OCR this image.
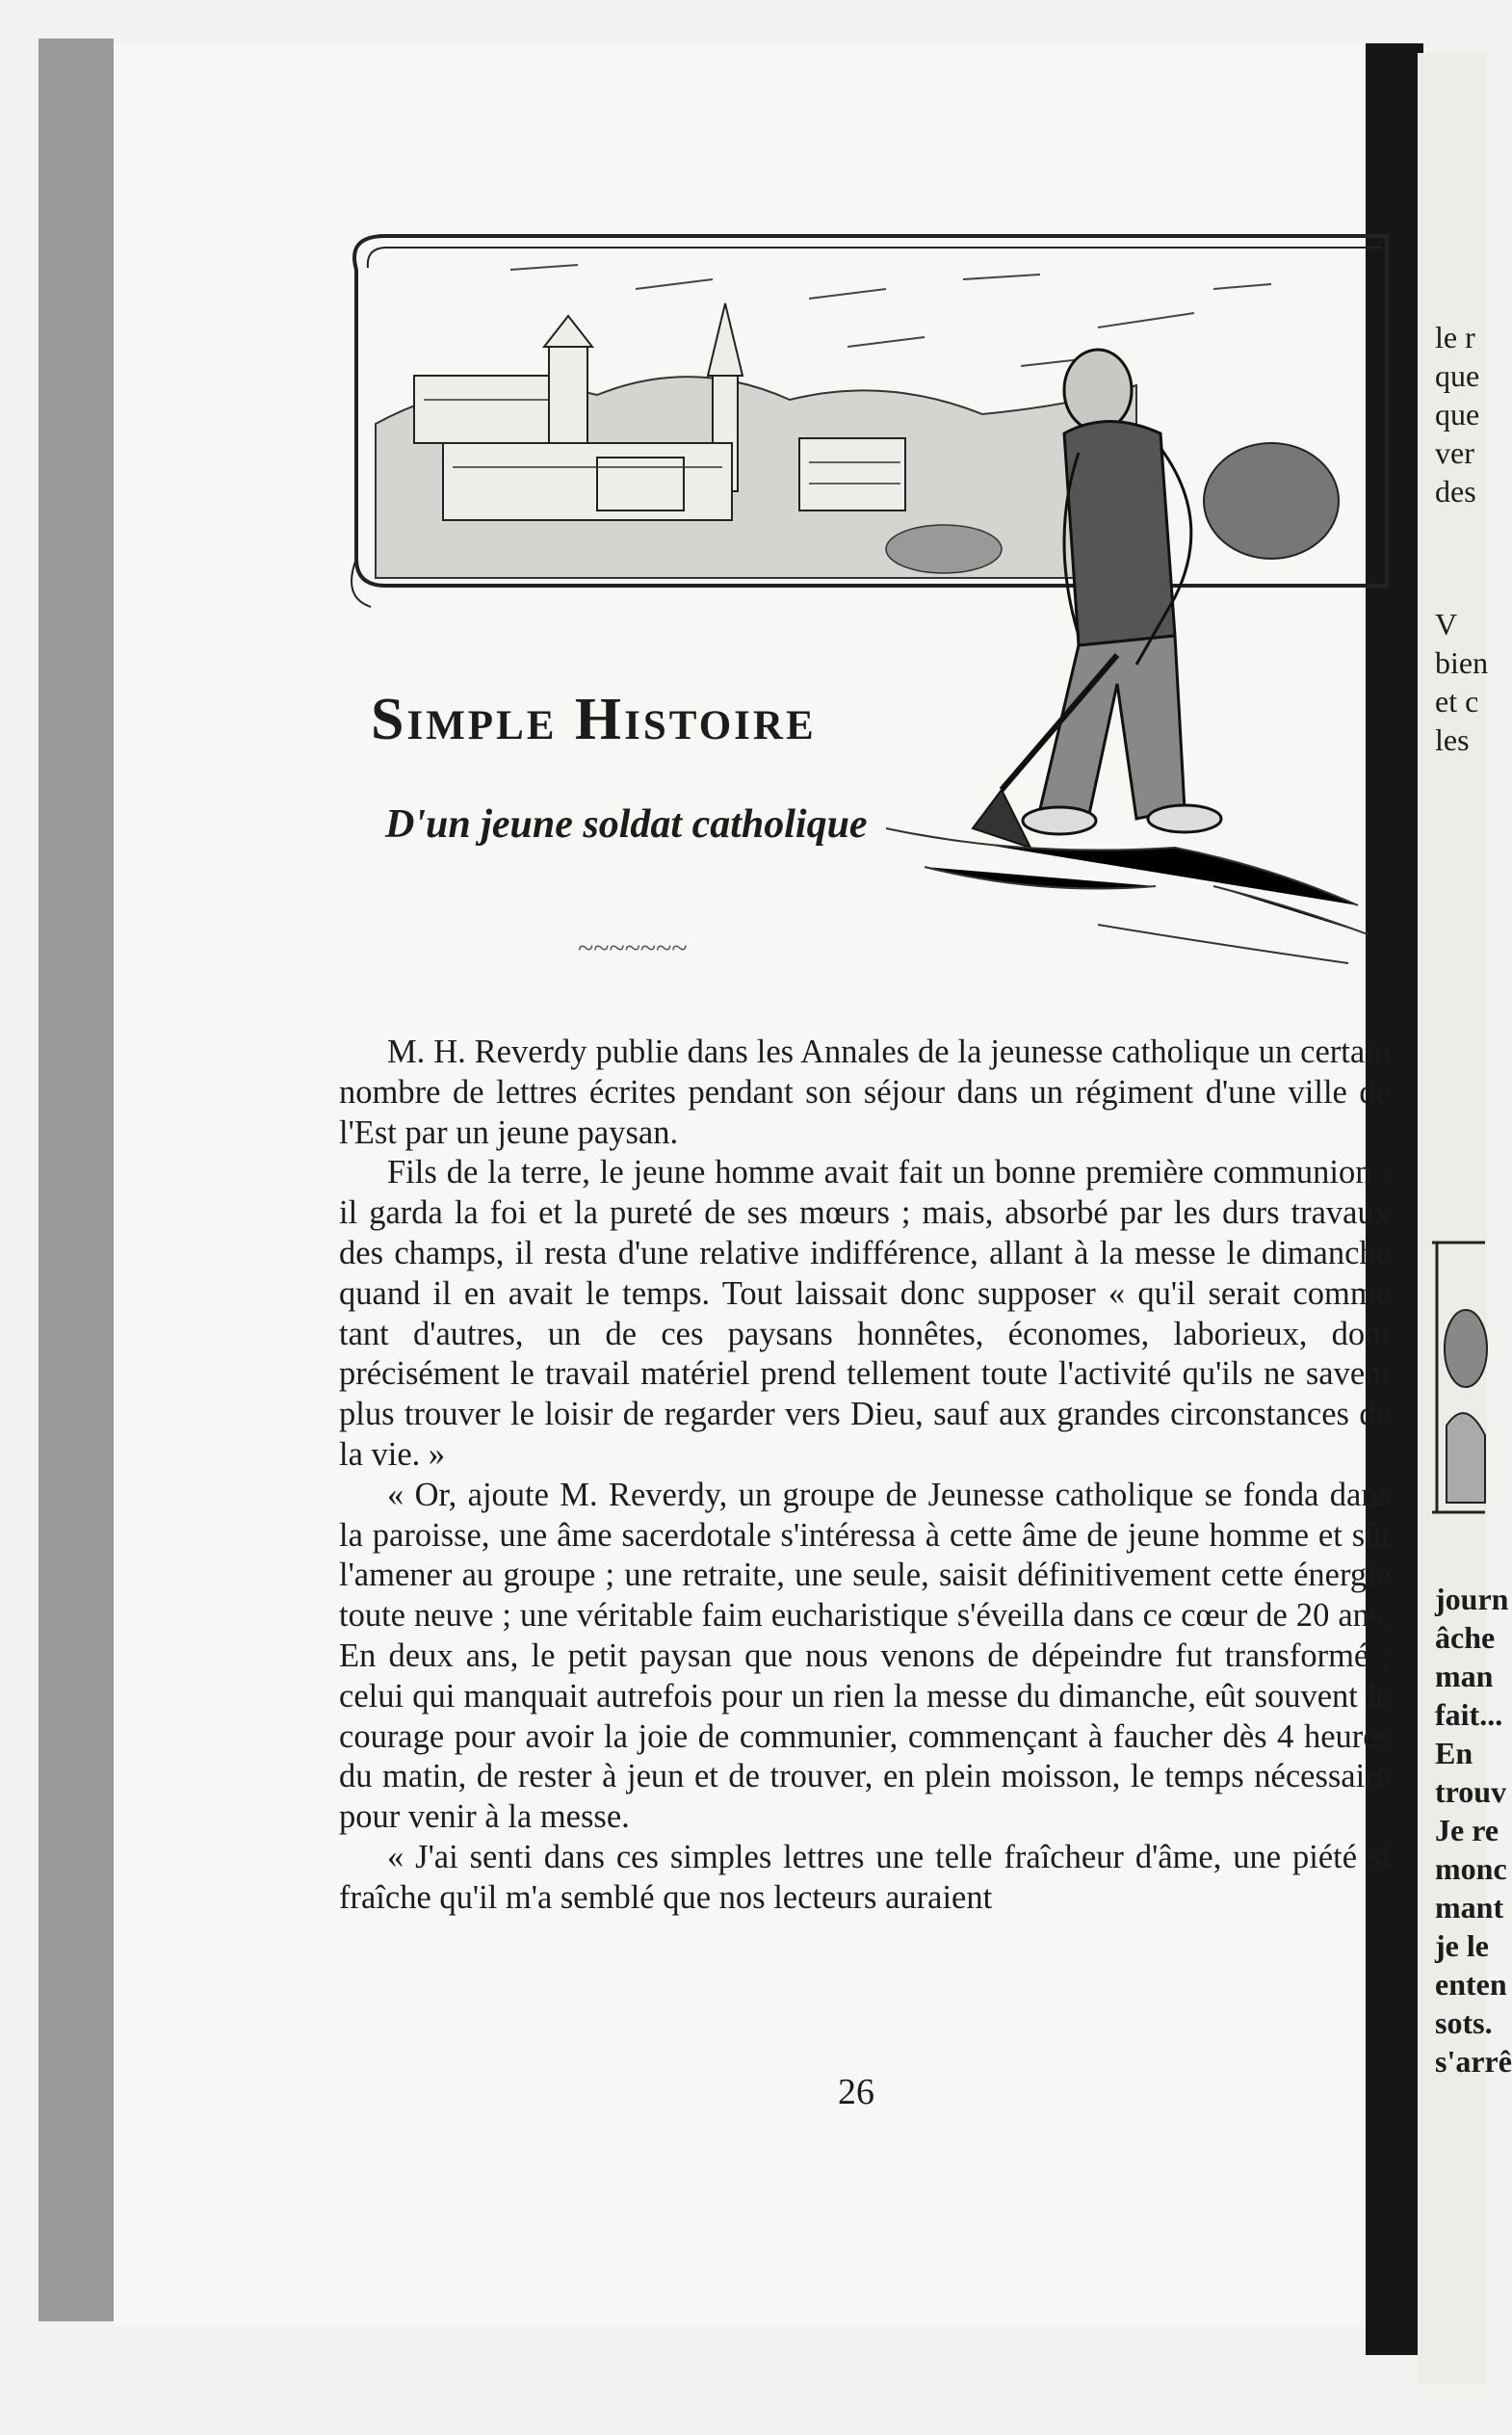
Simple Histoire
D'un jeune soldat catholique
~~~~~~~

M. H. Reverdy publie dans les Annales de la jeunesse catholique un certain nombre de lettres écrites pendant son séjour dans un régiment d'une ville de l'Est par un jeune paysan.

Fils de la terre, le jeune homme avait fait un bonne première communion ; il garda la foi et la pureté de ses mœurs ; mais, absorbé par les durs travaux des champs, il resta d'une relative indifférence, allant à la messe le dimanche quand il en avait le temps. Tout laissait donc supposer « qu'il serait comme tant d'autres, un de ces paysans honnêtes, économes, laborieux, dont précisément le travail matériel prend tellement toute l'activité qu'ils ne savent plus trouver le loisir de regarder vers Dieu, sauf aux grandes circonstances de la vie. »

« Or, ajoute M. Reverdy, un groupe de Jeunesse catholique se fonda dans la paroisse, une âme sacerdotale s'intéressa à cette âme de jeune homme et sût l'amener au groupe ; une retraite, une seule, saisit définitivement cette énergie toute neuve ; une véritable faim eucharistique s'éveilla dans ce cœur de 20 ans. En deux ans, le petit paysan que nous venons de dépeindre fut transformé ; celui qui manquait autrefois pour un rien la messe du dimanche, eût souvent le courage pour avoir la joie de communier, commençant à faucher dès 4 heures du matin, de rester à jeun et de trouver, en plein moisson, le temps nécessaire pour venir à la messe.

« J'ai senti dans ces simples lettres une telle fraîcheur d'âme, une piété si fraîche qu'il m'a semblé que nos lecteurs auraient

26
le r
que
que
ver
des
V
bien
et c
les
journ
âche
man
fait...
En
trouv
Je re
monc
mant
je le
enten
sots.
s'arrê
